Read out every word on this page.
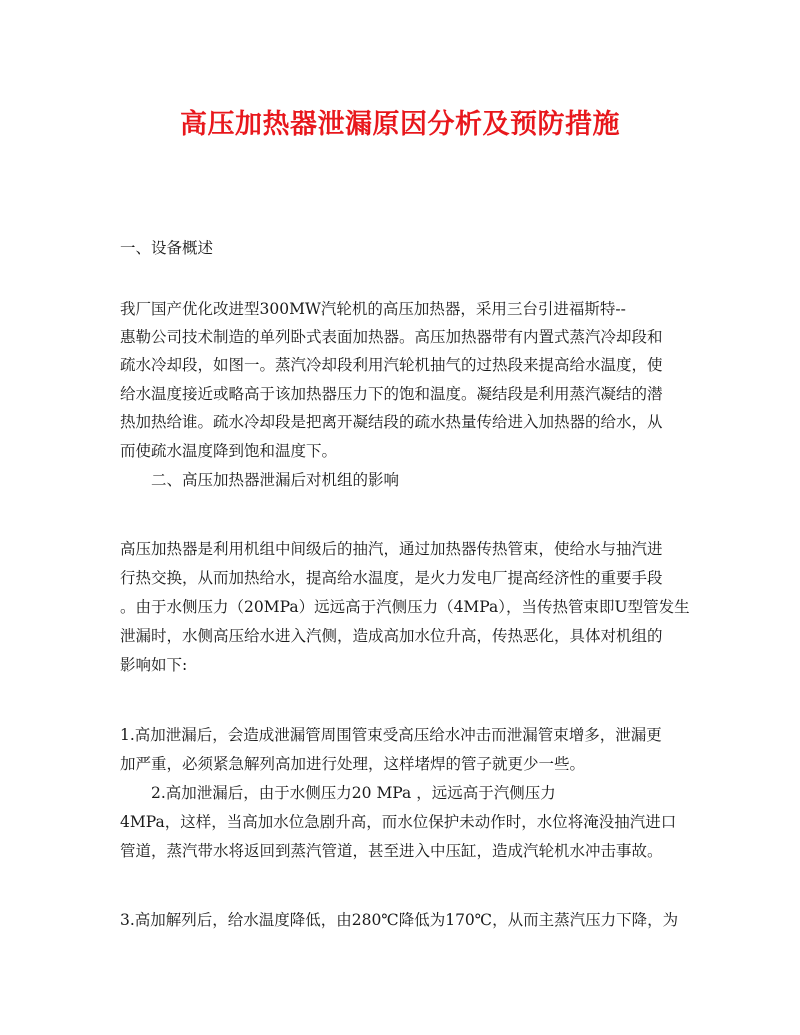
高压加热器泄漏原因分析及预防措施
一、设备概述
我厂国产优化改进型300MW汽轮机的高压加热器，采用三台引进福斯特--
惠勒公司技术制造的单列卧式表面加热器。高压加热器带有内置式蒸汽冷却段和
疏水冷却段，如图一。蒸汽冷却段利用汽轮机抽气的过热段来提高给水温度，使
给水温度接近或略高于该加热器压力下的饱和温度。凝结段是利用蒸汽凝结的潜
热加热给谁。疏水冷却段是把离开凝结段的疏水热量传给进入加热器的给水，从
而使疏水温度降到饱和温度下。
二、高压加热器泄漏后对机组的影响
高压加热器是利用机组中间级后的抽汽，通过加热器传热管束，使给水与抽汽进
行热交换，从而加热给水，提高给水温度，是火力发电厂提高经济性的重要手段
。由于水侧压力（20MPa）远远高于汽侧压力（4MPa），当传热管束即U型管发生
泄漏时，水侧高压给水进入汽侧，造成高加水位升高，传热恶化，具体对机组的
影响如下:
1.高加泄漏后，会造成泄漏管周围管束受高压给水冲击而泄漏管束增多，泄漏更
加严重，必须紧急解列高加进行处理，这样堵焊的管子就更少一些。
2.高加泄漏后，由于水侧压力20 MPa ，远远高于汽侧压力
4MPa，这样，当高加水位急剧升高，而水位保护未动作时，水位将淹没抽汽进口
管道，蒸汽带水将返回到蒸汽管道，甚至进入中压缸，造成汽轮机水冲击事故。
3.高加解列后，给水温度降低，由280℃降低为170℃，从而主蒸汽压力下降，为
